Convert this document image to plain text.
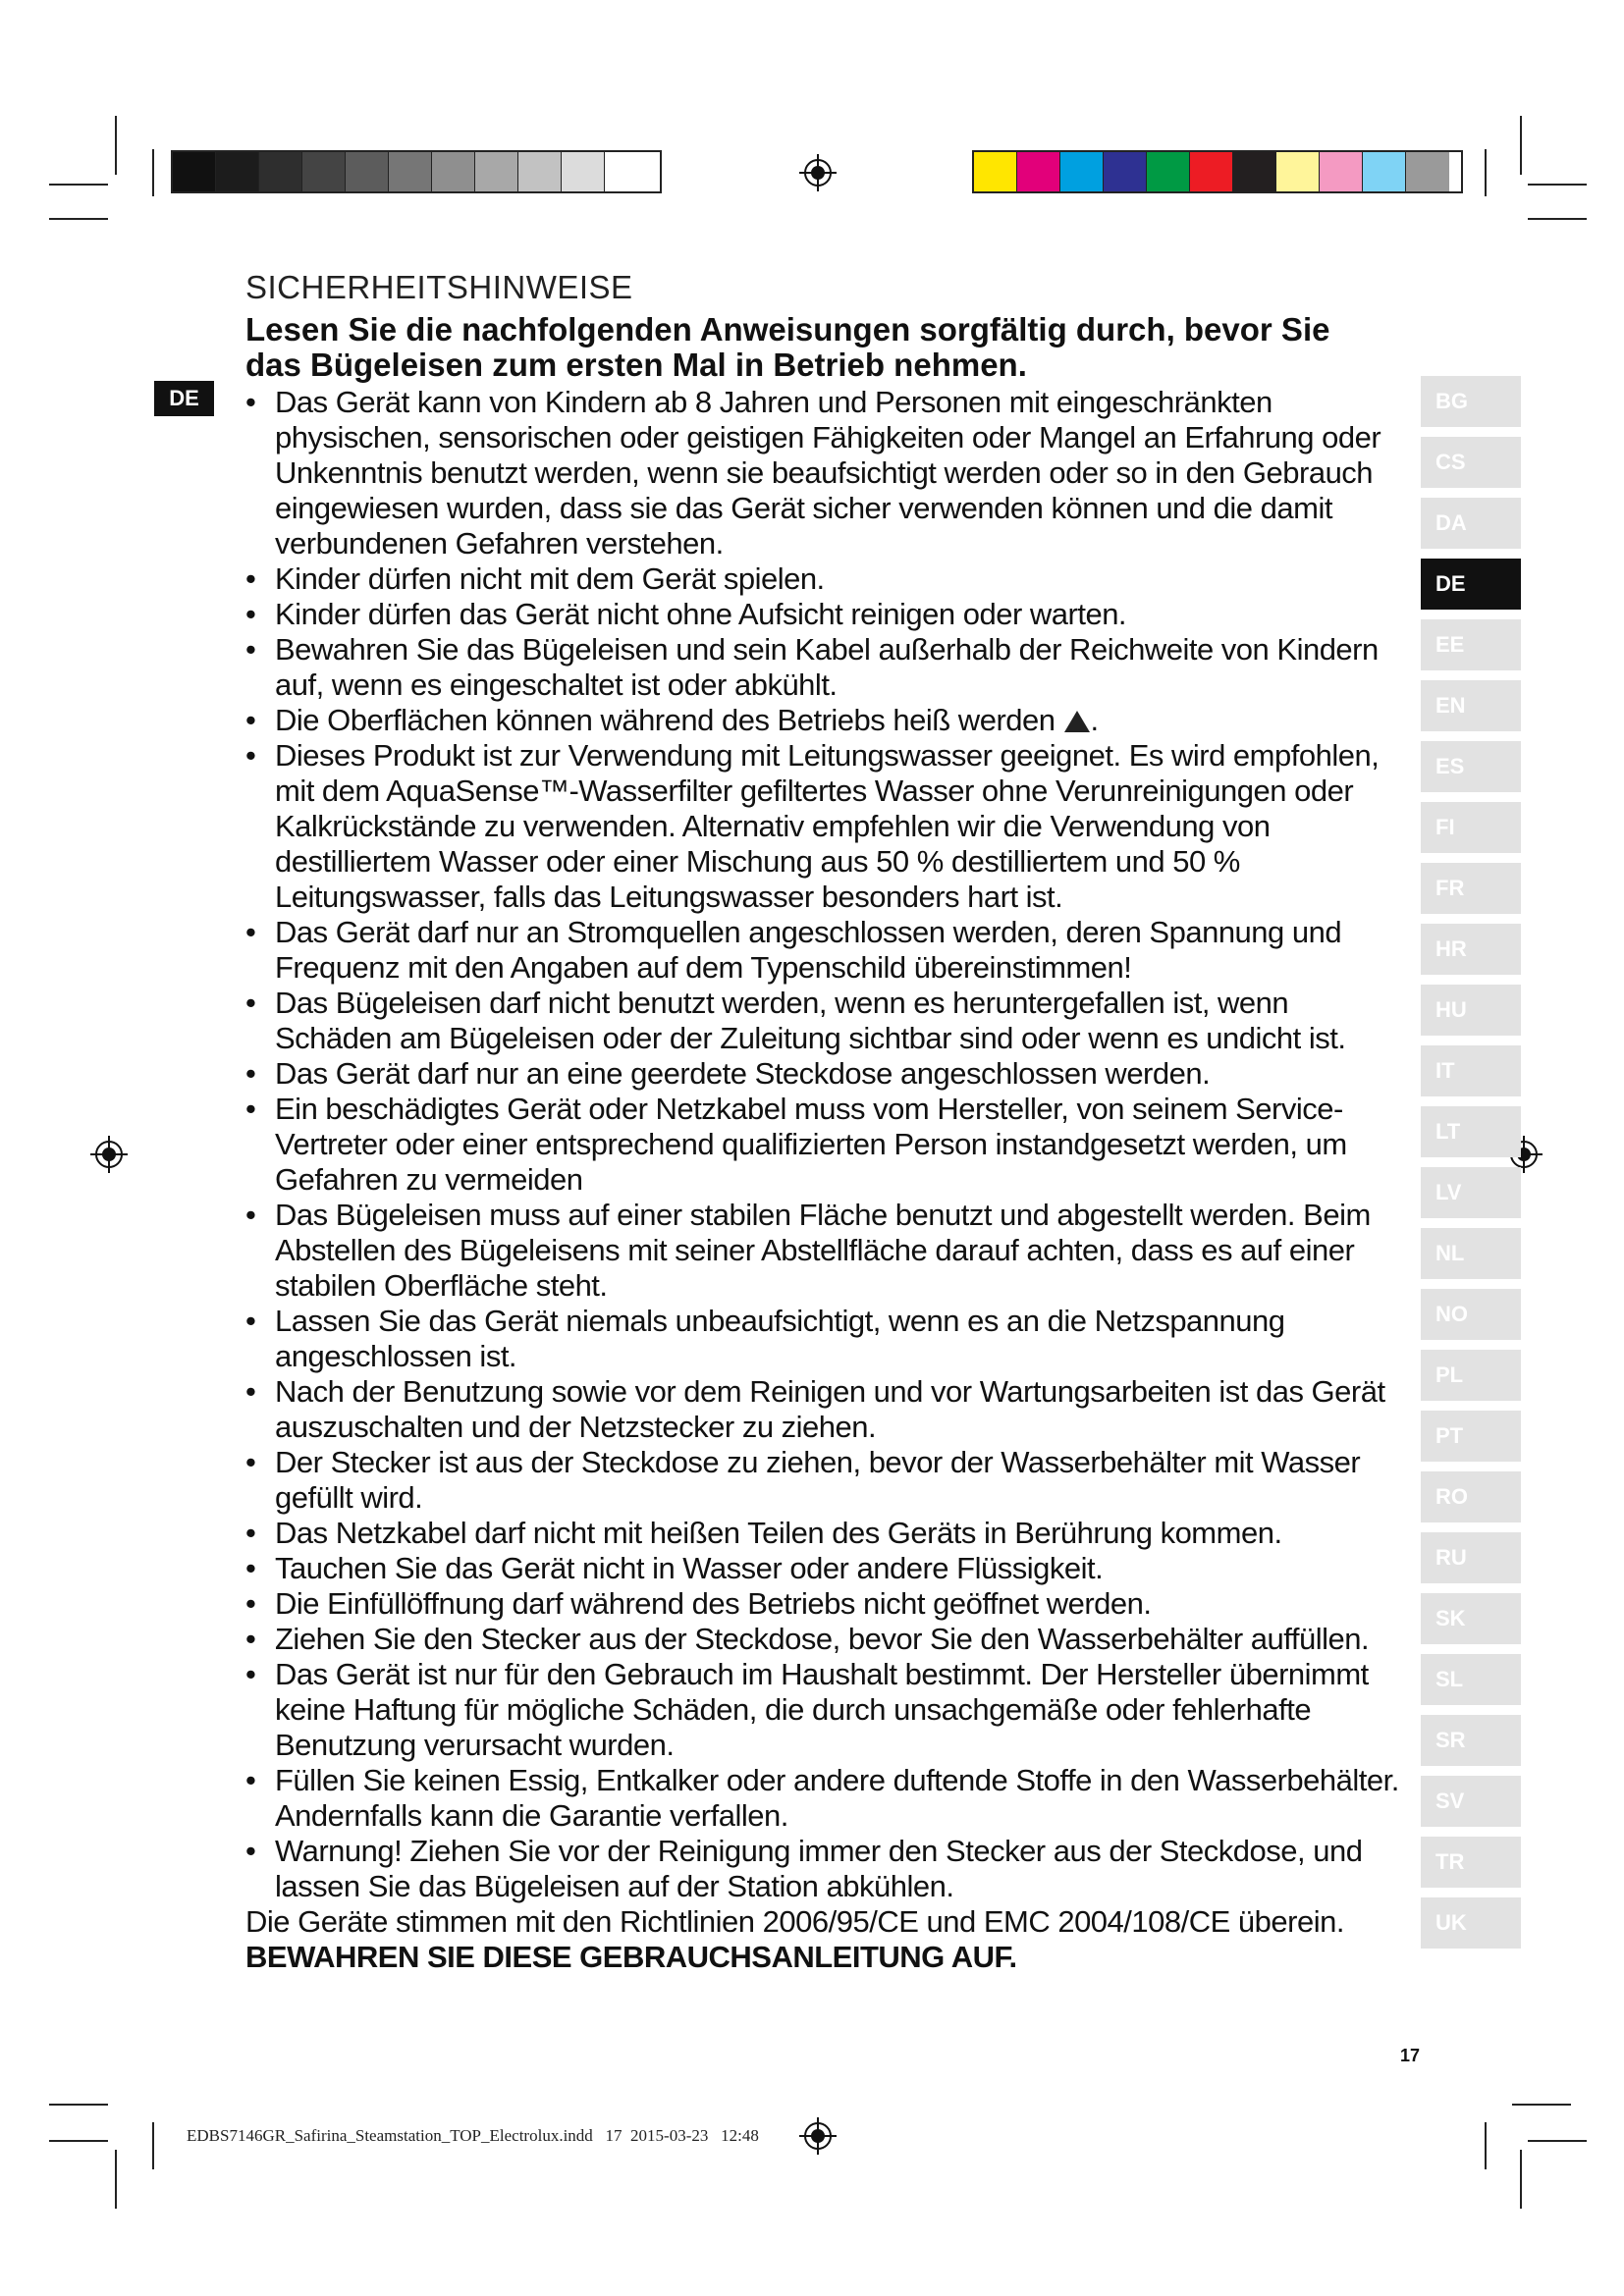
SICHERHEITSHINWEISE
Lesen Sie die nachfolgenden Anweisungen sorgfältig durch, bevor Sie das Bügeleisen zum ersten Mal in Betrieb nehmen.
DE
•	Das Gerät kann von Kindern ab 8 Jahren und Personen mit eingeschränkten physischen, sensorischen oder geistigen Fähigkeiten oder Mangel an Erfahrung oder Unkenntnis benutzt werden, wenn sie beaufsichtigt werden oder so in den Gebrauch eingewiesen wurden, dass sie das Gerät sicher verwenden können und die damit verbundenen Gefahren verstehen.
• Kinder dürfen nicht mit dem Gerät spielen.
• Kinder dürfen das Gerät nicht ohne Aufsicht reinigen oder warten.
• Bewahren Sie das Bügeleisen und sein Kabel außerhalb der Reichweite von Kindern auf, wenn es eingeschaltet ist oder abkühlt.
• Die Oberflächen können während des Betriebs heiß werden .
• Dieses Produkt ist zur Verwendung mit Leitungswasser geeignet. Es wird empfohlen, mit dem AquaSense™-Wasserfilter gefiltertes Wasser ohne Verunreinigungen oder Kalkrückstände zu verwenden. Alternativ empfehlen wir die Verwendung von destilliertem Wasser oder einer Mischung aus 50 % destilliertem und 50 % Leitungswasser, falls das Leitungswasser besonders hart ist.
• Das Gerät darf nur an Stromquellen angeschlossen werden, deren Spannung und Frequenz mit den Angaben auf dem Typenschild übereinstimmen!
• Das Bügeleisen darf nicht benutzt werden, wenn es heruntergefallen ist, wenn Schäden am Bügeleisen oder der Zuleitung sichtbar sind oder wenn es undicht ist.
• Das Gerät darf nur an eine geerdete Steckdose angeschlossen werden.
• Ein beschädigtes Gerät oder Netzkabel muss vom Hersteller, von seinem Service-Vertreter oder einer entsprechend qualifizierten Person instandgesetzt werden, um Gefahren zu vermeiden
• Das Bügeleisen muss auf einer stabilen Fläche benutzt und abgestellt werden. Beim Abstellen des Bügeleisens mit seiner Abstellfläche darauf achten, dass es auf einer stabilen Oberfläche steht.
• Lassen Sie das Gerät niemals unbeaufsichtigt, wenn es an die Netzspannung angeschlossen ist.
• Nach der Benutzung sowie vor dem Reinigen und vor Wartungsarbeiten ist das Gerät auszuschalten und der Netzstecker zu ziehen.
• Der Stecker ist aus der Steckdose zu ziehen, bevor der Wasserbehälter mit Wasser gefüllt wird.
• Das Netzkabel darf nicht mit heißen Teilen des Geräts in Berührung kommen.
• Tauchen Sie das Gerät nicht in Wasser oder andere Flüssigkeit.
• Die Einfüllöffnung darf während des Betriebs nicht geöffnet werden.
• Ziehen Sie den Stecker aus der Steckdose, bevor Sie den Wasserbehälter auffüllen.
• Das Gerät ist nur für den Gebrauch im Haushalt bestimmt. Der Hersteller übernimmt keine Haftung für mögliche Schäden, die durch unsachgemäße oder fehlerhafte Benutzung verursacht wurden.
• Füllen Sie keinen Essig, Entkalker oder andere duftende Stoffe in den Wasserbehälter. Andernfalls kann die Garantie verfallen.
• Warnung! Ziehen Sie vor der Reinigung immer den Stecker aus der Steckdose, und lassen Sie das Bügeleisen auf der Station abkühlen.
Die Geräte stimmen mit den Richtlinien 2006/95/CE und EMC 2004/108/CE überein.
BEWAHREN SIE DIESE GEBRAUCHSANLEITUNG AUF.
BG
CS
DA
DE
EE
EN
ES
FI
FR
HR
HU
IT
LT
LV
NL
NO
PL
PT
RO
RU
SK
SL
SR
SV
TR
UK
17
EDBS7146GR_Safirina_Steamstation_TOP_Electrolux.indd   17 2015-03-23   12:48
